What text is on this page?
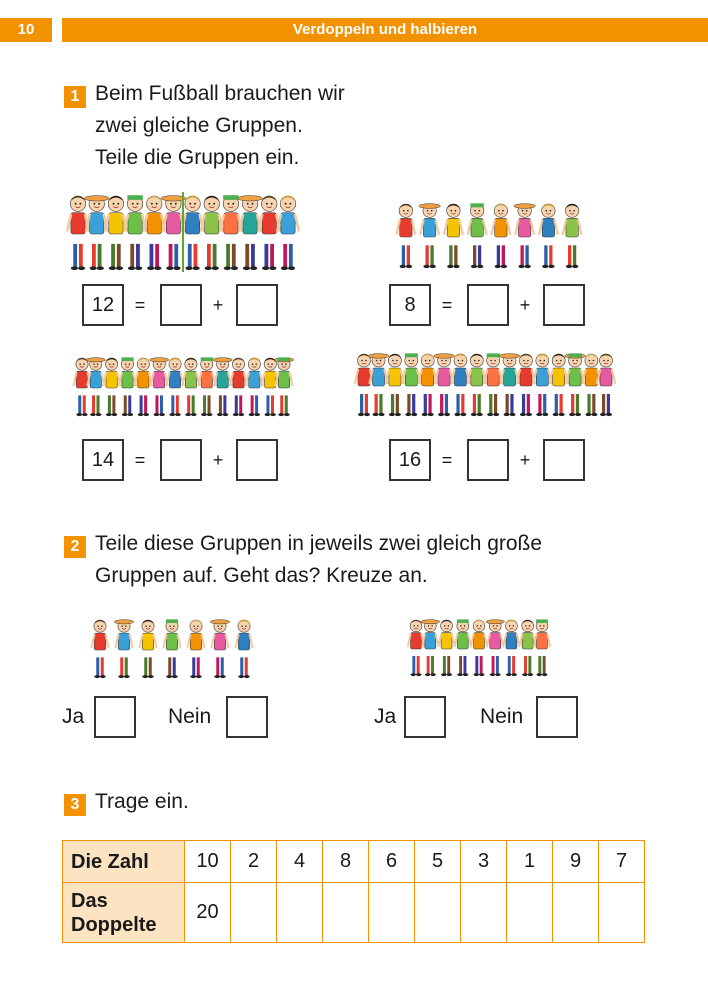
10	Verdoppeln und halbieren
1 Beim Fußball brauchen wir
zwei gleiche Gruppen.
Teile die Gruppen ein.
12	=	+	8	=	+
14	=	+	16	=	+
2 Teile diese Gruppen in jeweils zwei gleich große
Gruppen auf. Geht das? Kreuze an.
Ja	Nein	Ja	Nein
3 Trage ein.
Die Zahl	10	2	4	8	6	5	3	1	9	7

Das
Doppelte	20									
